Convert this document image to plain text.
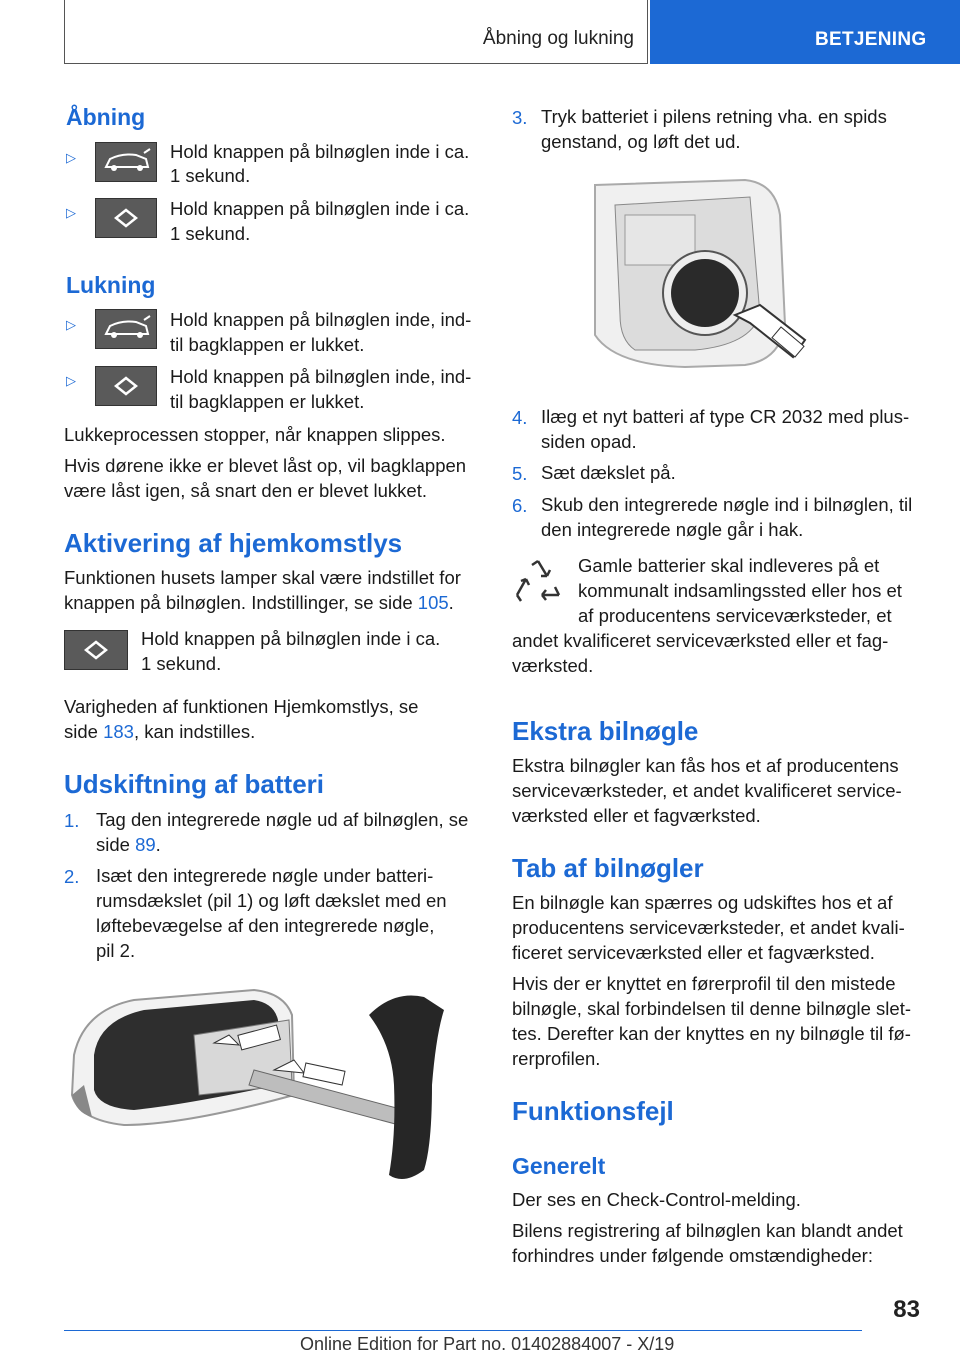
Åbning og lukning	BETJENING
Åbning
▷	Hold knappen på bilnøglen inde i ca.
1 sekund.
▷	Hold knappen på bilnøglen inde i ca.
1 sekund.
Lukning
▷	Hold knappen på bilnøglen inde, ind-
til bagklappen er lukket.
▷	Hold knappen på bilnøglen inde, ind-
til bagklappen er lukket.
Lukkeprocessen stopper, når knappen slippes.
Hvis dørene ikke er blevet låst op, vil bagklappen
være låst igen, så snart den er blevet lukket.
Aktivering af hjemkomstlys
Funktionen husets lamper skal være indstillet for
knappen på bilnøglen. Indstillinger, se side 105.
Hold knappen på bilnøglen inde i ca.
1 sekund.
Varigheden af funktionen Hjemkomstlys, se
side 183, kan indstilles.
Udskiftning af batteri
1. Tag den integrerede nøgle ud af bilnøglen, se
side 89.
2. Isæt den integrerede nøgle under batteri-
rumsdækslet (pil 1) og løft dækslet med en
løftebevægelse af den integrerede nøgle,
pil 2.
3. Tryk batteriet i pilens retning vha. en spids
genstand, og løft det ud.
4. Ilæg et nyt batteri af type CR 2032 med plus-
siden opad.
5. Sæt dækslet på.
6. Skub den integrerede nøgle ind i bilnøglen, til
den integrerede nøgle går i hak.
Gamle batterier skal indleveres på et
kommunalt indsamlingssted eller hos et
af producentens serviceværksteder, et
andet kvalificeret serviceværksted eller et fag-
værksted.
Ekstra bilnøgle
Ekstra bilnøgler kan fås hos et af producentens
serviceværksteder, et andet kvalificeret service-
værksted eller et fagværksted.
Tab af bilnøgler
En bilnøgle kan spærres og udskiftes hos et af
producentens serviceværksteder, et andet kvali-
ficeret serviceværksted eller et fagværksted.
Hvis der er knyttet en førerprofil til den mistede
bilnøgle, skal forbindelsen til denne bilnøgle slet-
tes. Derefter kan der knyttes en ny bilnøgle til fø-
rerprofilen.
Funktionsfejl
Generelt
Der ses en Check-Control-melding.
Bilens registrering af bilnøglen kan blandt andet
forhindres under følgende omstændigheder:
83
Online Edition for Part no. 01402884007 - X/19
